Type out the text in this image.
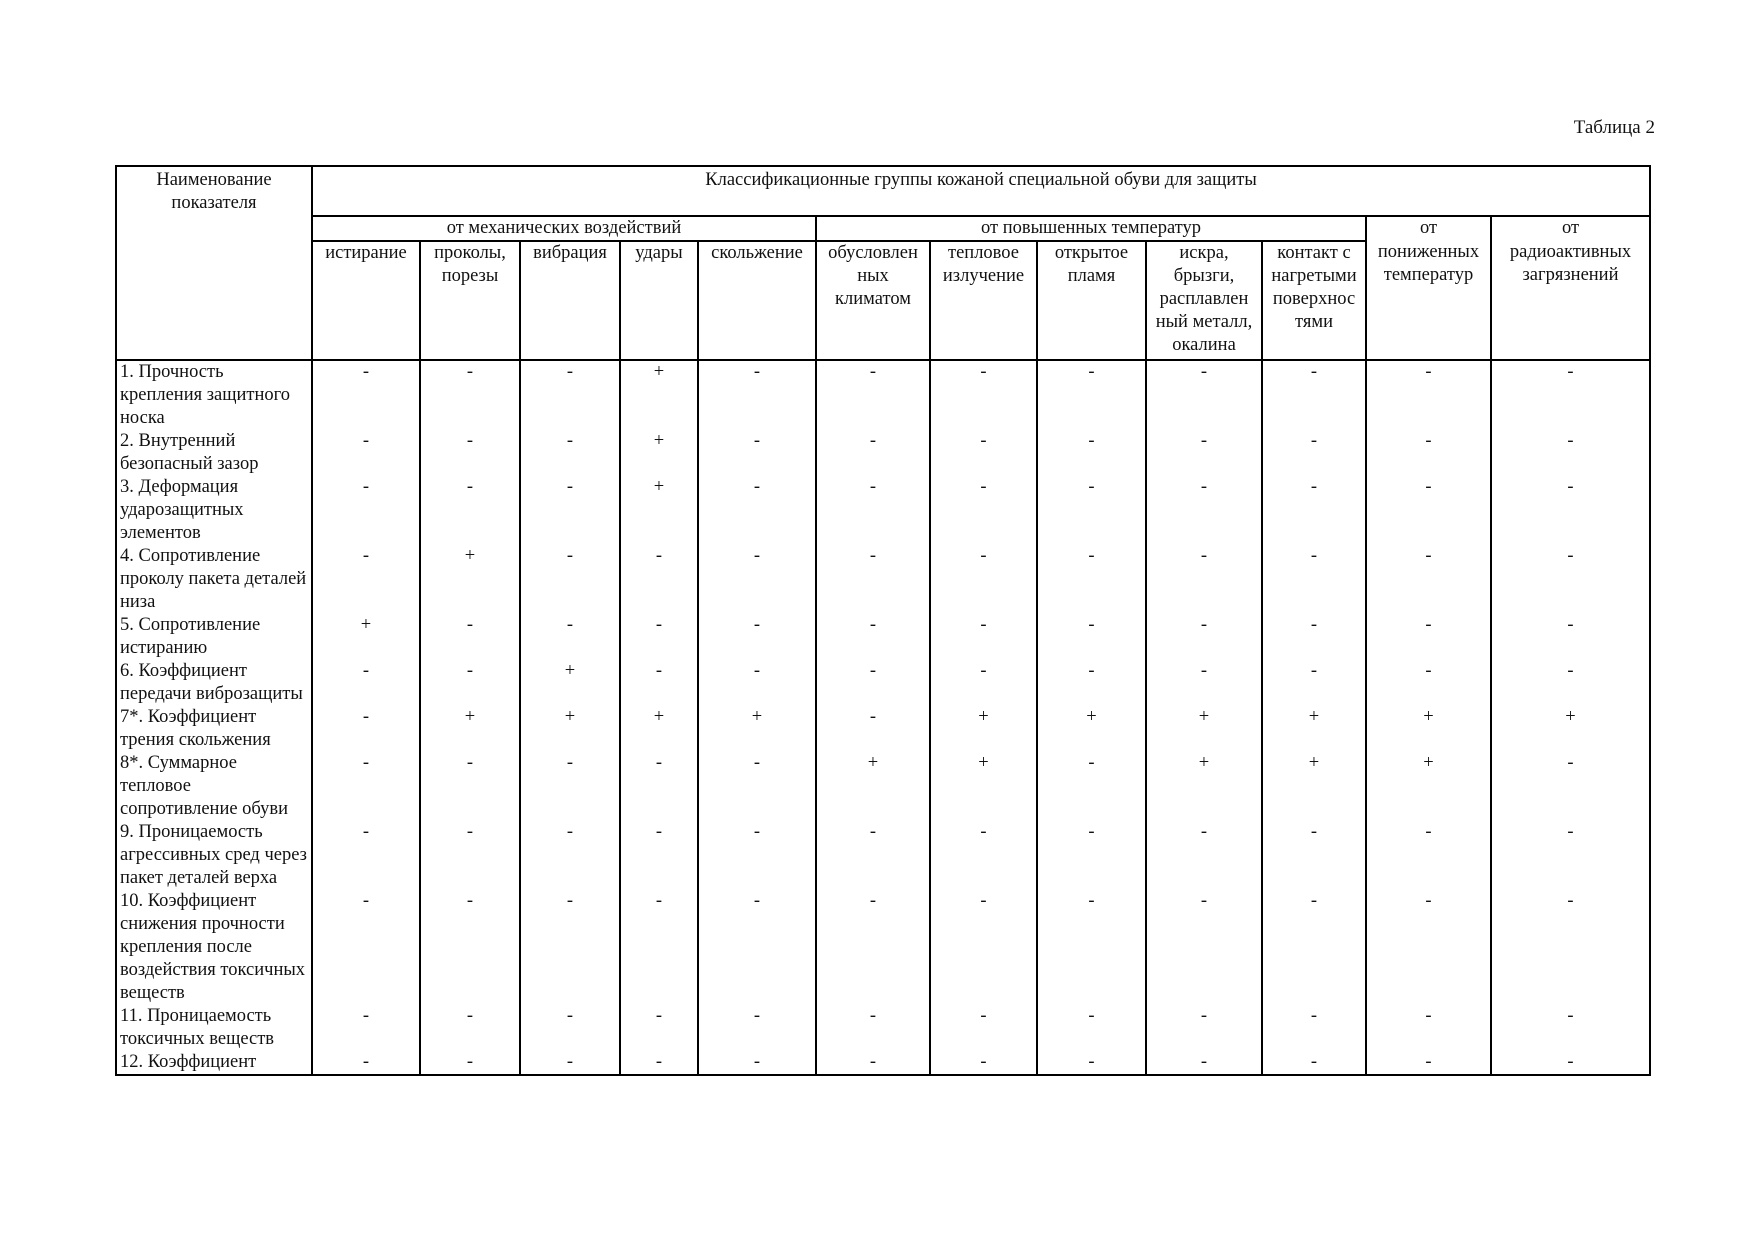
Таблица 2
Наименование показателя	Классификационные группы кожаной специальной обуви для защиты											
	от механических воздействий					от повышенных температур					от	от
	истирание	проколы, порезы	вибрация	удары	скольжение	обусловлен ных климатом	тепловое излучение	открытое пламя	искра, брызги, расплавлен ный металл, окалина	контакт с нагретыми поверхнос тями	пониженных температур	радиоактивных загрязнений
1. Прочность крепления защитного носка	-	-	-	+	-	-	-	-	-	-	-	-
2. Внутренний безопасный зазор	-	-	-	+	-	-	-	-	-	-	-	-
3. Деформация ударозащитных элементов	-	-	-	+	-	-	-	-	-	-	-	-
4. Сопротивление проколу пакета деталей низа	-	+	-	-	-	-	-	-	-	-	-	-
5. Сопротивление истиранию	+	-	-	-	-	-	-	-	-	-	-	-
6. Коэффициент передачи виброзащиты	-	-	+	-	-	-	-	-	-	-	-	-
7*. Коэффициент трения скольжения	-	+	+	+	+	-	+	+	+	+	+	+
8*. Суммарное тепловое сопротивление обуви	-	-	-	-	-	+	+	-	+	+	+	-
9. Проницаемость агрессивных сред через пакет деталей верха	-	-	-	-	-	-	-	-	-	-	-	-
10. Коэффициент снижения прочности крепления после воздействия токсичных веществ	-	-	-	-	-	-	-	-	-	-	-	-
11. Проницаемость токсичных веществ	-	-	-	-	-	-	-	-	-	-	-	-
12. Коэффициент	-	-	-	-	-	-	-	-	-	-	-	-
